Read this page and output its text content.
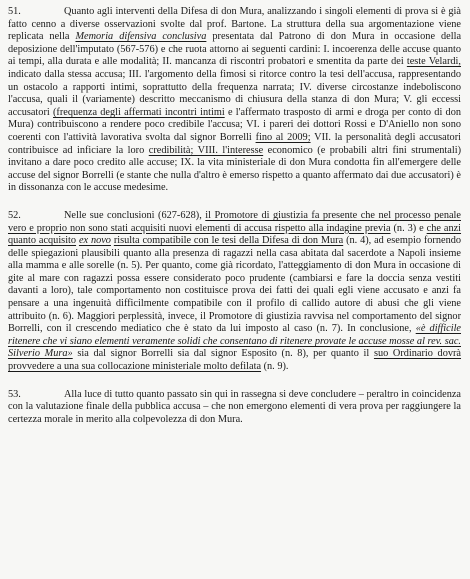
51.	Quanto agli interventi della Difesa di don Mura, analizzando i singoli elementi di prova si è già fatto cenno a diverse osservazioni svolte dal prof. Bartone. La struttura della sua argomentazione viene replicata nella Memoria difensiva conclusiva presentata dal Patrono di don Mura in occasione della deposizione dell'imputato (567-576) e che ruota attorno ai seguenti cardini: I. incoerenza delle accuse quanto ai tempi, alla durata e alle modalità; II. mancanza di riscontri probatori e smentita da parte dei teste Velardi, indicato dalla stessa accusa; III. l'argomento della fimosi si ritorce contro la tesi dell'accusa, rappresentando un ostacolo a rapporti intimi, soprattutto della frequenza narrata; IV. diverse circostanze indeboliscono l'accusa, quali il (variamente) descritto meccanismo di chiusura della stanza di don Mura; V. gli eccessi accusatori (frequenza degli affermati incontri intimi e l'affermato trasposto di armi e droga per conto di don Mura) contribuiscono a rendere poco credibile l'accusa; VI. i pareri dei dottori Rossi e D'Aniello non sono coerenti con l'attività lavorativa svolta dal signor Borrelli fino al 2009; VII. la personalità degli accusatori contribuisce ad inficiare la loro credibilità; VIII. l'interesse economico (e probabili altri fini strumentali) invitano a dare poco credito alle accuse; IX. la vita ministeriale di don Mura condotta fin all'emergere delle accuse del signor Borrelli (e stante che nulla d'altro è emerso rispetto a quanto affermato dai due accusatori) è in dissonanza con le accuse medesime.

52.	Nelle sue conclusioni (627-628), il Promotore di giustizia fa presente che nel processo penale vero e proprio non sono stati acquisiti nuovi elementi di accusa rispetto alla indagine previa (n. 3) e che anzi quanto acquisito ex novo risulta compatibile con le tesi della Difesa di don Mura (n. 4), ad esempio fornendo delle spiegazioni plausibili quanto alla presenza di ragazzi nella casa abitata dal sacerdote a Napoli insieme alla mamma e alle sorelle (n. 5). Per quanto, come già ricordato, l'atteggiamento di don Mura in occasione di gite al mare con ragazzi possa essere considerato poco prudente (cambiarsi e fare la doccia senza vestiti davanti a loro), tale comportamento non costituisce prova dei fatti dei quali egli viene accusato e anzi fa pensare a una ingenuità difficilmente compatibile con il profilo di callido autore di abusi che gli viene attribuito (n. 6). Maggiori perplessità, invece, il Promotore di giustizia ravvisa nel comportamento del signor Borrelli, con il crescendo mediatico che è stato da lui imposto al caso (n. 7). In conclusione, «è difficile ritenere che vi siano elementi veramente solidi che consentano di ritenere provate le accuse mosse al rev. sac. Silverio Mura» sia dal signor Borrelli sia dal signor Esposito (n. 8), per quanto il suo Ordinario dovrà provvedere a una sua collocazione ministeriale molto defilata (n. 9).

53.	Alla luce di tutto quanto passato sin qui in rassegna si deve concludere – peraltro in coincidenza con la valutazione finale della pubblica accusa – che non emergono elementi di vera prova per raggiungere la certezza morale in merito alla colpevolezza di don Mura.
